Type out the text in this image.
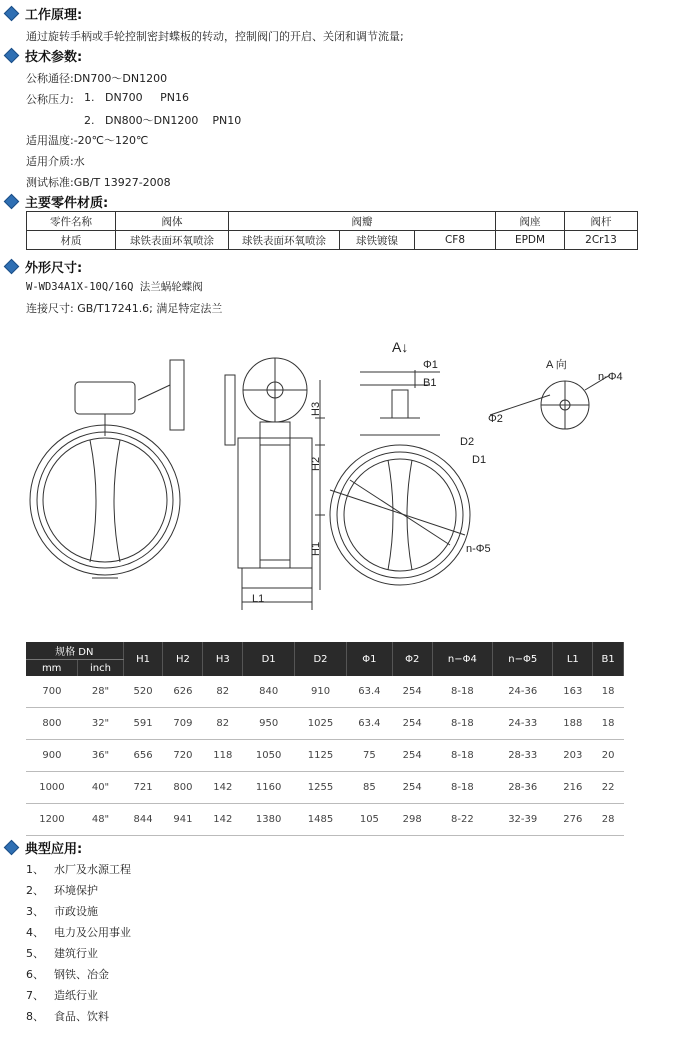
工作原理:
通过旋转手柄或手轮控制密封蝶板的转动，控制阀门的开启、关闭和调节流量;
技术参数:
公称通径:DN700～DN1200
公称压力: 1.   DN700     PN16
2.   DN800～DN1200    PN10
适用温度:-20℃～120℃
适用介质:水
测试标准:GB/T 13927-2008
主要零件材质:
零件名称	阀体	阀瓣			阀座	阀杆
材质	球铁表面环氧喷涂	球铁表面环氧喷涂	球铁镀镍	CF8	EPDM	2Cr13
外形尺寸:
W-WD34A1X-10Q/16Q 法兰蜗轮蝶阀
连接尺寸: GB/T17241.6; 满足特定法兰
A↓
A 向
Φ1
B1
H3
H2
H1
D2
D1
Φ2
n-Φ4
n-Φ5
L1
规格 DN		H1	H2	H3	D1	D2	Φ1	Φ2	n−Φ4	n−Φ5	L1	B1
mm	inch											
700	28"	520	626	82	840	910	63.4	254	8-18	24-36	163	18
800	32"	591	709	82	950	1025	63.4	254	8-18	24-33	188	18
900	36"	656	720	118	1050	1125	75	254	8-18	28-33	203	20
1000	40"	721	800	142	1160	1255	85	254	8-18	28-36	216	22
1200	48"	844	941	142	1380	1485	105	298	8-22	32-39	276	28
典型应用:
1、 水厂及水源工程
2、 环境保护
3、 市政设施
4、 电力及公用事业
5、 建筑行业
6、 钢铁、冶金
7、 造纸行业
8、 食品、饮料
